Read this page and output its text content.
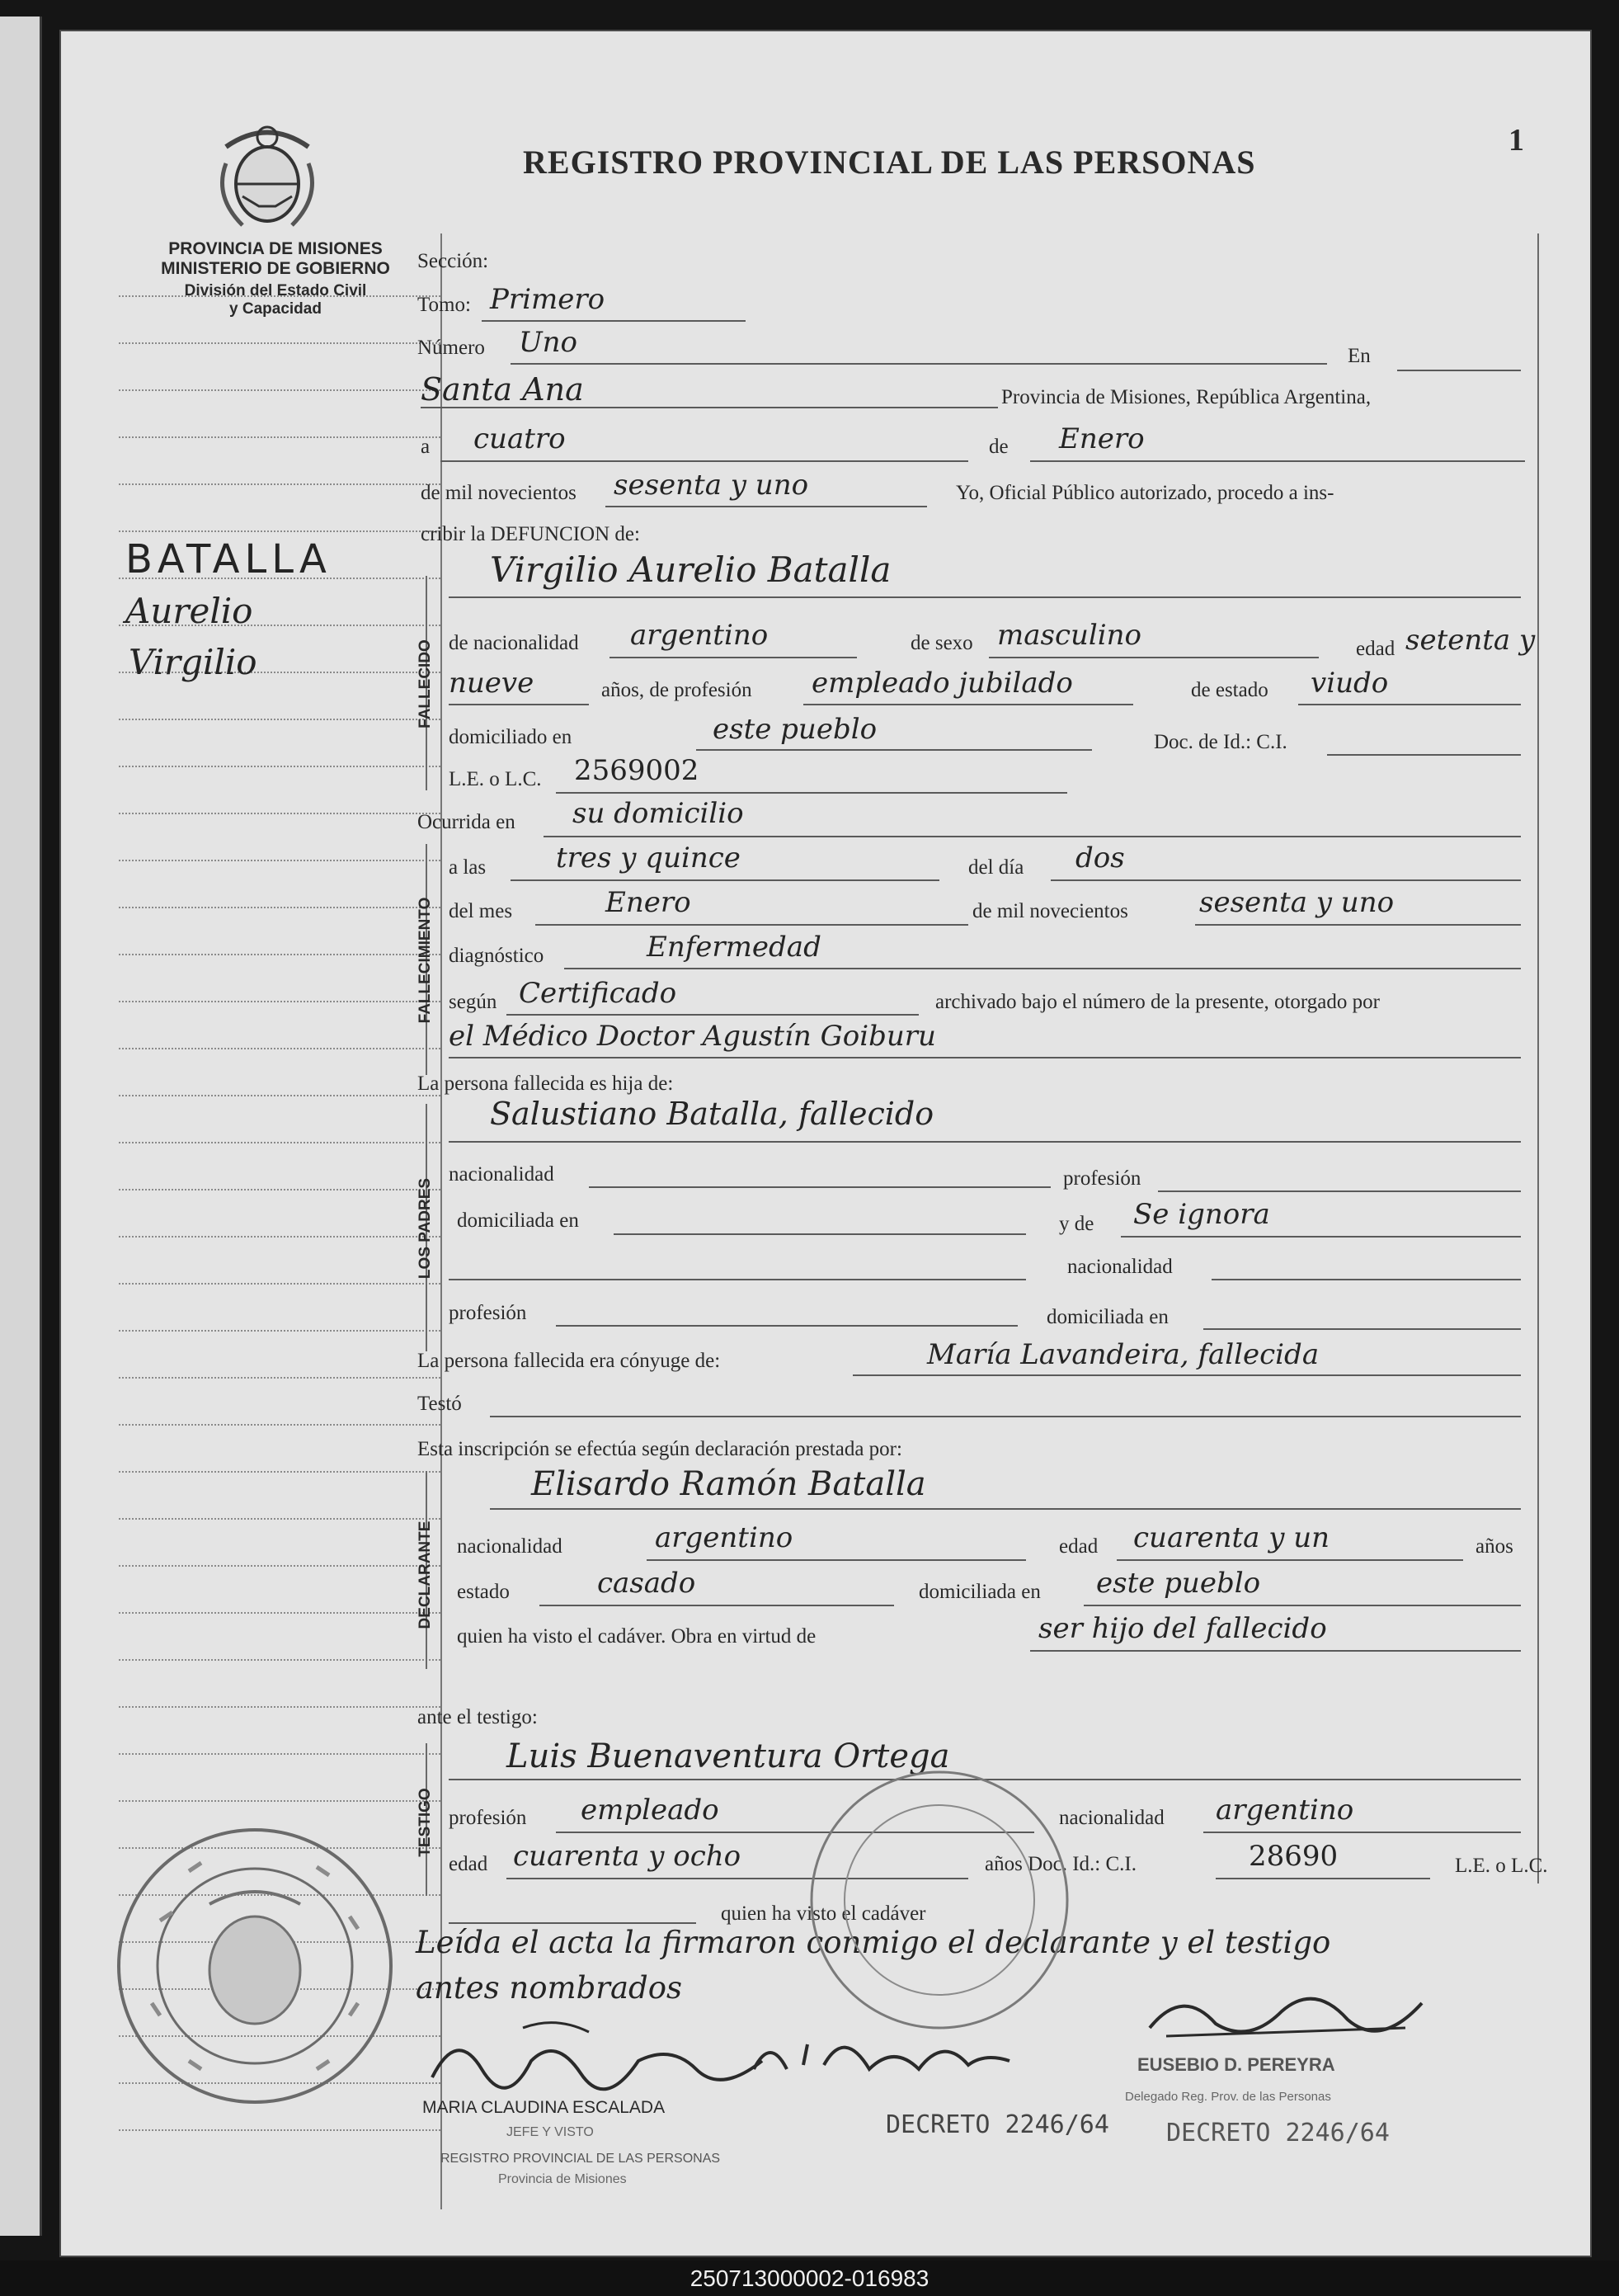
PROVINCIA DE MISIONES
MINISTERIO DE GOBIERNO
División del Estado Civil
y Capacidad
REGISTRO PROVINCIAL DE LAS PERSONAS
1
BATALLA
Aurelio
Virgilio
Sección:
Tomo: Primero
Número Uno	En
Santa Ana	Provincia de Misiones, República Argentina,
a cuatro	de Enero
de mil novecientos sesenta y uno	Yo, Oficial Público autorizado, procedo a ins-
cribir la DEFUNCION de:
FALLECIDO
Virgilio Aurelio Batalla
de nacionalidad argentino	de sexo masculino	edad setenta y
nueve	años, de profesión empleado jubilado	de estado viudo
domiciliado en	este pueblo	Doc. de Id.: C.I.
L.E. o L.C. 2569002
Ocurrida en su domicilio
FALLECIMIENTO
a las tres y quince	del día dos
del mes	Enero	de mil novecientos	sesenta y uno
diagnóstico	Enfermedad
según Certificado	archivado bajo el número de la presente, otorgado por
el Médico Doctor Agustín Goiburu
La persona fallecida es hija de:
LOS PADRES
Salustiano Batalla, fallecido
nacionalidad	profesión
domiciliada en	y de Se ignora
nacionalidad
profesión	domiciliada en
La persona fallecida era cónyuge de:	María Lavandeira, fallecida
Testó
Esta inscripción se efectúa según declaración prestada por:
DECLARANTE
Elisardo Ramón Batalla
nacionalidad	argentino	edad cuarenta y un	años
estado	casado	domiciliada en este pueblo
quien ha visto el cadáver. Obra en virtud de	ser hijo del fallecido
ante el testigo:
TESTIGO
Luis Buenaventura Ortega
profesión empleado	nacionalidad argentino
edad cuarenta y ocho	años Doc. Id.: C.I.	28690	L.E. o L.C.
quien ha visto el cadáver
Leída el acta la firmaron conmigo el declarante y el testigo
antes nombrados
MARIA CLAUDINA ESCALADA
JEFE Y VISTO
REGISTRO PROVINCIAL DE LAS PERSONAS
Provincia de Misiones
DECRETO 2246/64
EUSEBIO D. PEREYRA
Delegado Reg. Prov. de las Personas
DECRETO 2246/64
250713000002-016983
